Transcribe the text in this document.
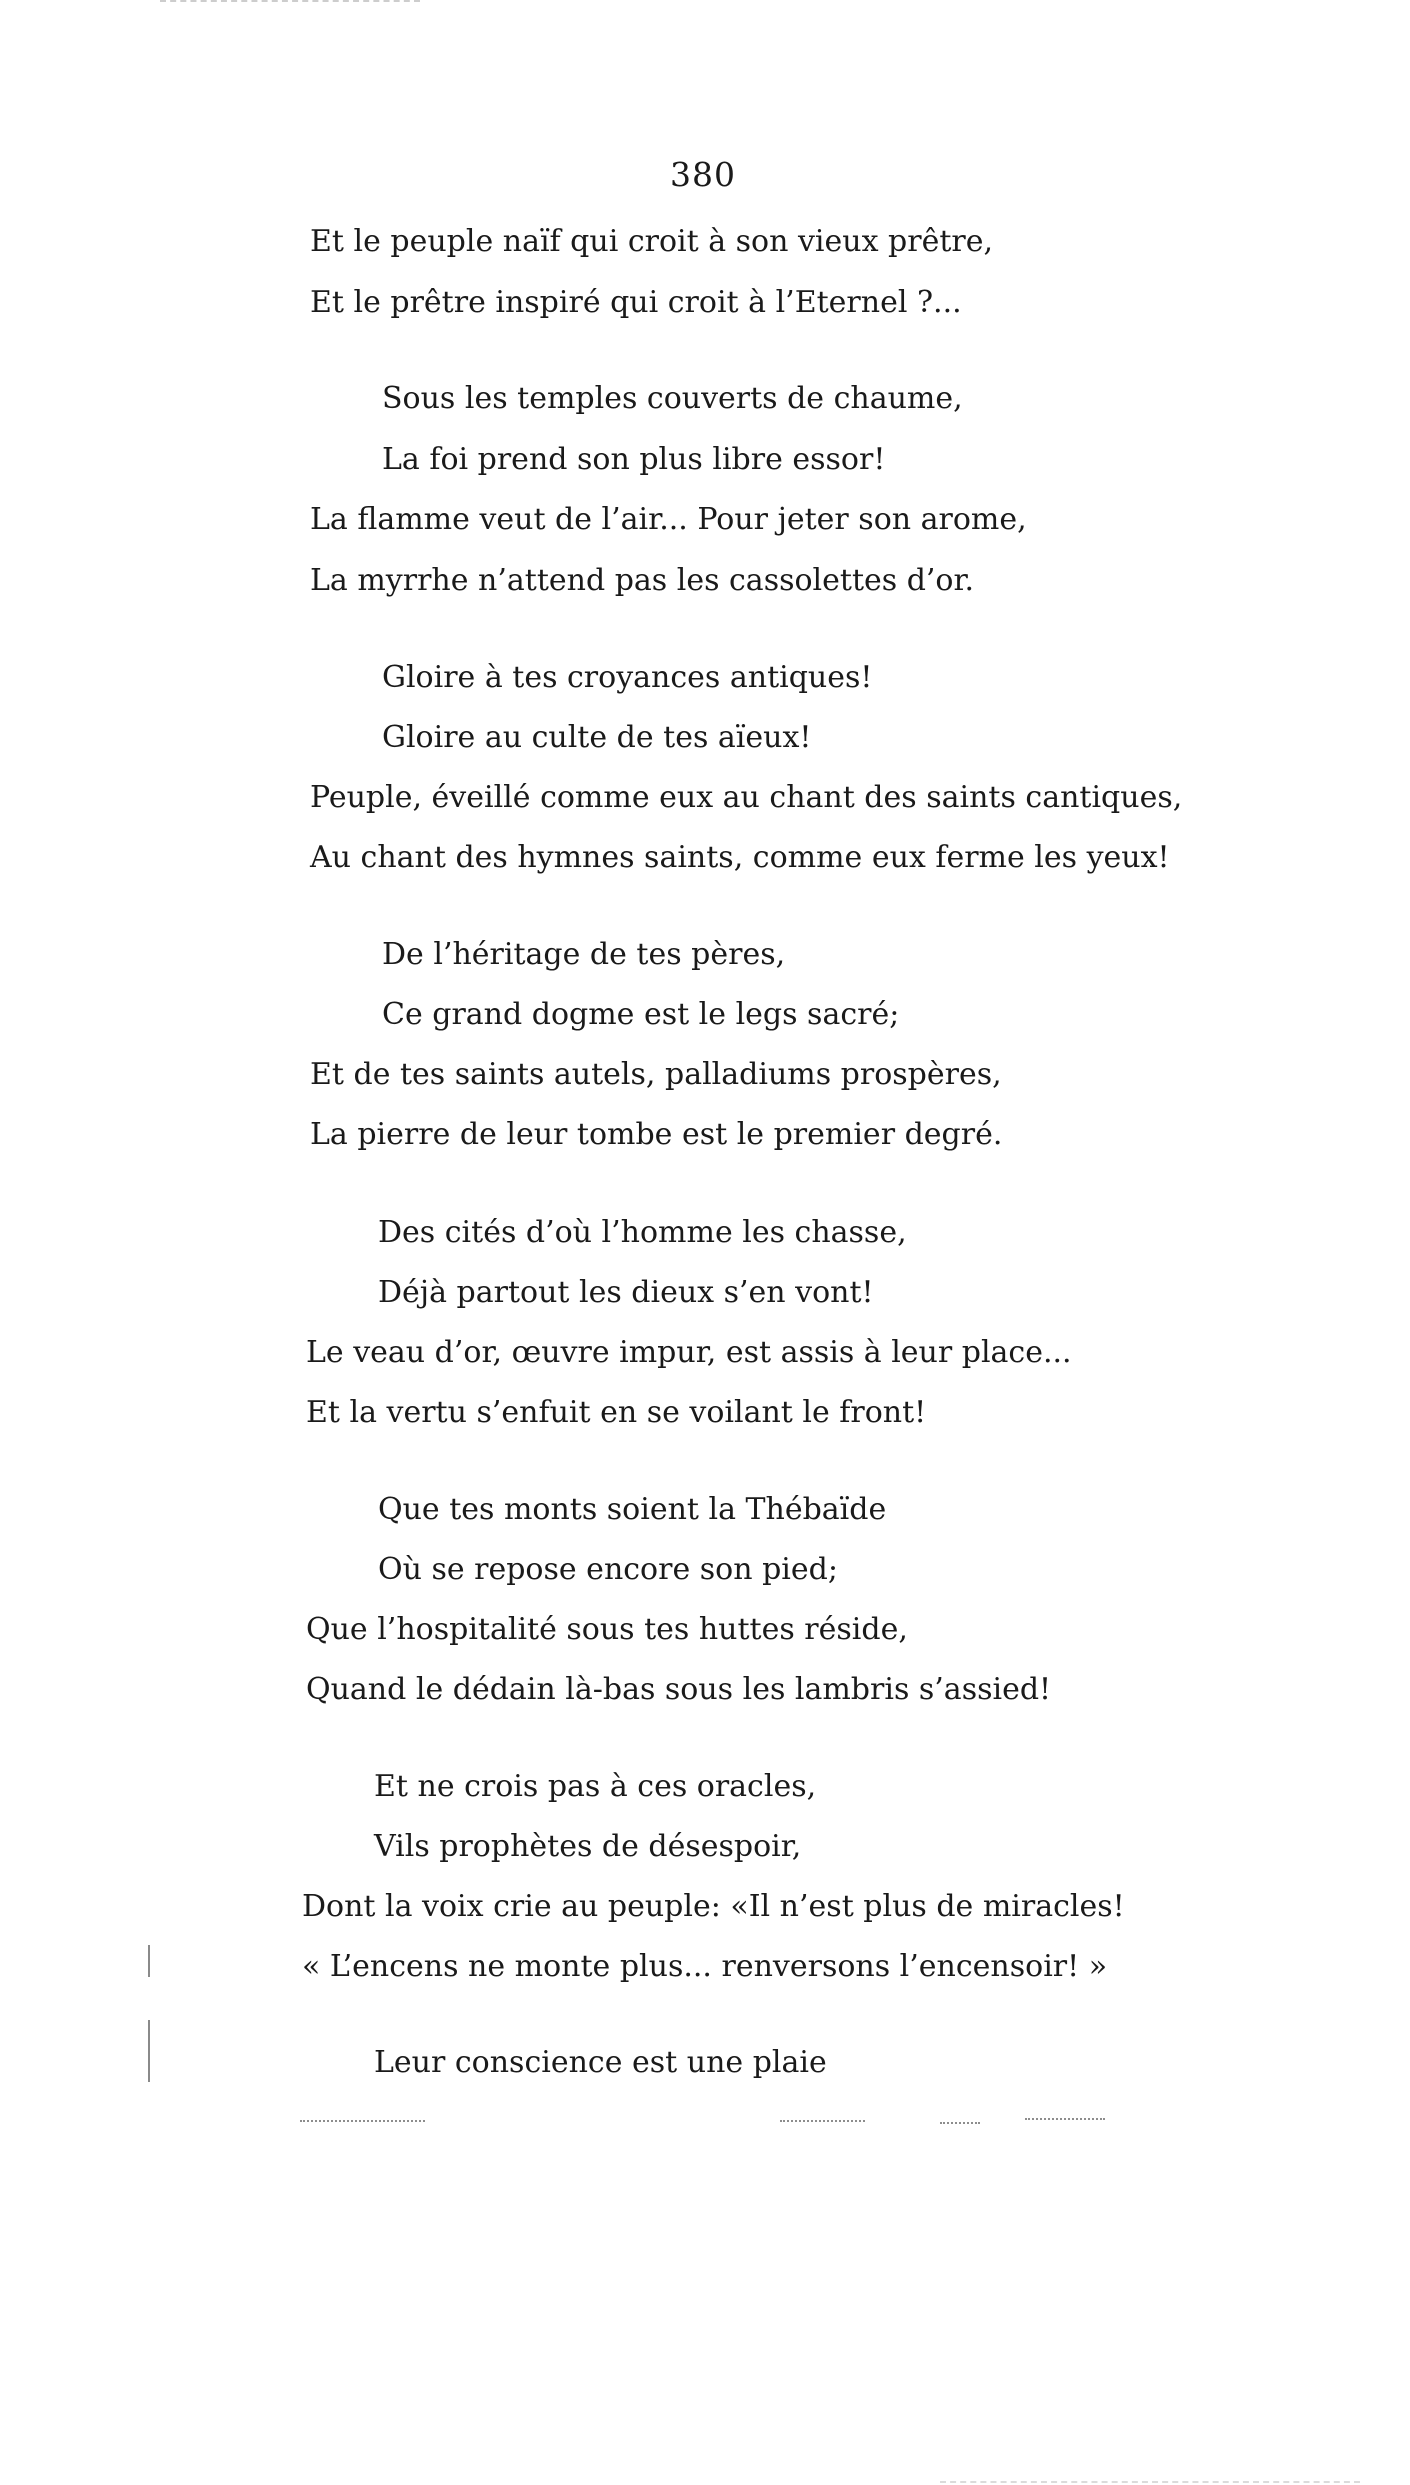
380
Et le peuple naïf qui croit à son vieux prêtre,
Et le prêtre inspiré qui croit à l’Eternel ?...
Sous les temples couverts de chaume,
La foi prend son plus libre essor!
La flamme veut de l’air... Pour jeter son arome,
La myrrhe n’attend pas les cassolettes d’or.
Gloire à tes croyances antiques!
Gloire au culte de tes aïeux!
Peuple, éveillé comme eux au chant des saints cantiques,
Au chant des hymnes saints, comme eux ferme les yeux!
De l’héritage de tes pères,
Ce grand dogme est le legs sacré;
Et de tes saints autels, palladiums prospères,
La pierre de leur tombe est le premier degré.
Des cités d’où l’homme les chasse,
Déjà partout les dieux s’en vont!
Le veau d’or, œuvre impur, est assis à leur place...
Et la vertu s’enfuit en se voilant le front!
Que tes monts soient la Thébaïde
Où se repose encore son pied;
Que l’hospitalité sous tes huttes réside,
Quand le dédain là-bas sous les lambris s’assied!
Et ne crois pas à ces oracles,
Vils prophètes de désespoir,
Dont la voix crie au peuple: «Il n’est plus de miracles!
« L’encens ne monte plus... renversons l’encensoir! »
Leur conscience est une plaie
